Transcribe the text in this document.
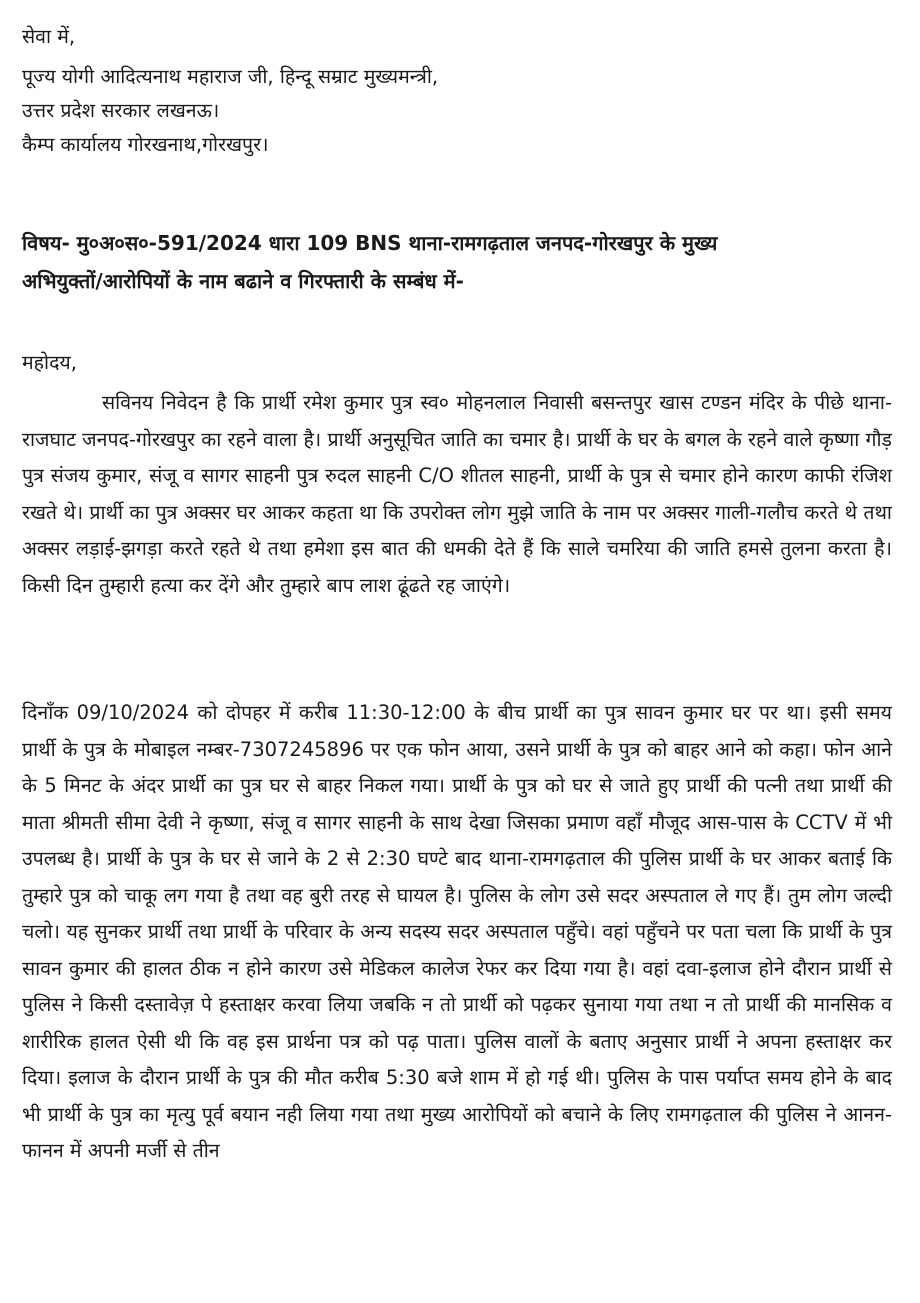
सेवा में,
पूज्य योगी आदित्यनाथ महाराज जी, हिन्दू सम्राट मुख्यमन्त्री,
उत्तर प्रदेश सरकार लखनऊ।
कैम्प कार्यालय गोरखनाथ,गोरखपुर।
विषय- मु०अ०स०-591/2024 धारा 109 BNS थाना-रामगढ़ताल जनपद-गोरखपुर के मुख्य
अभियुक्तों/आरोपियों के नाम बढाने व गिरफ्तारी के सम्बंध में-
महोदय,
सविनय निवेदन है कि प्रार्थी रमेश कुमार पुत्र स्व० मोहनलाल निवासी बसन्तपुर खास टण्डन मंदिर के पीछे थाना-राजघाट जनपद-गोरखपुर का रहने वाला है। प्रार्थी अनुसूचित जाति का चमार है। प्रार्थी के घर के बगल के रहने वाले कृष्णा गौड़ पुत्र संजय कुमार, संजू व सागर साहनी पुत्र रुदल साहनी C/O शीतल साहनी, प्रार्थी के पुत्र से चमार होने कारण काफी रंजिश रखते थे। प्रार्थी का पुत्र अक्सर घर आकर कहता था कि उपरोक्त लोग मुझे जाति के नाम पर अक्सर गाली-गलौच करते थे तथा अक्सर लड़ाई-झगड़ा करते रहते थे तथा हमेशा इस बात की धमकी देते हैं कि साले चमरिया की जाति हमसे तुलना करता है। किसी दिन तुम्हारी हत्या कर देंगे और तुम्हारे बाप लाश ढूंढते रह जाएंगे।
दिनाँक 09/10/2024 को दोपहर में करीब 11:30-12:00 के बीच प्रार्थी का पुत्र सावन कुमार घर पर था। इसी समय प्रार्थी के पुत्र के मोबाइल नम्बर-7307245896 पर एक फोन आया, उसने प्रार्थी के पुत्र को बाहर आने को कहा। फोन आने के 5 मिनट के अंदर प्रार्थी का पुत्र घर से बाहर निकल गया। प्रार्थी के पुत्र को घर से जाते हुए प्रार्थी की पत्नी तथा प्रार्थी की माता श्रीमती सीमा देवी ने कृष्णा, संजू व सागर साहनी के साथ देखा जिसका प्रमाण वहाँ मौजूद आस-पास के CCTV में भी उपलब्ध है। प्रार्थी के पुत्र के घर से जाने के 2 से 2:30 घण्टे बाद थाना-रामगढ़ताल की पुलिस प्रार्थी के घर आकर बताई कि तुम्हारे पुत्र को चाकू लग गया है तथा वह बुरी तरह से घायल है। पुलिस के लोग उसे सदर अस्पताल ले गए हैं। तुम लोग जल्दी चलो। यह सुनकर प्रार्थी तथा प्रार्थी के परिवार के अन्य सदस्य सदर अस्पताल पहुँचे। वहां पहुँचने पर पता चला कि प्रार्थी के पुत्र सावन कुमार की हालत ठीक न होने कारण उसे मेडिकल कालेज रेफर कर दिया गया है। वहां दवा-इलाज होने दौरान प्रार्थी से पुलिस ने किसी दस्तावेज़ पे हस्ताक्षर करवा लिया जबकि न तो प्रार्थी को पढ़कर सुनाया गया तथा न तो प्रार्थी की मानसिक व शारीरिक हालत ऐसी थी कि वह इस प्रार्थना पत्र को पढ़ पाता। पुलिस वालों के बताए अनुसार प्रार्थी ने अपना हस्ताक्षर कर दिया। इलाज के दौरान प्रार्थी के पुत्र की मौत करीब 5:30 बजे शाम में हो गई थी। पुलिस के पास पर्याप्त समय होने के बाद भी प्रार्थी के पुत्र का मृत्यु पूर्व बयान नही लिया गया तथा मुख्य आरोपियों को बचाने के लिए रामगढ़ताल की पुलिस ने आनन-फानन में अपनी मर्जी से तीन
